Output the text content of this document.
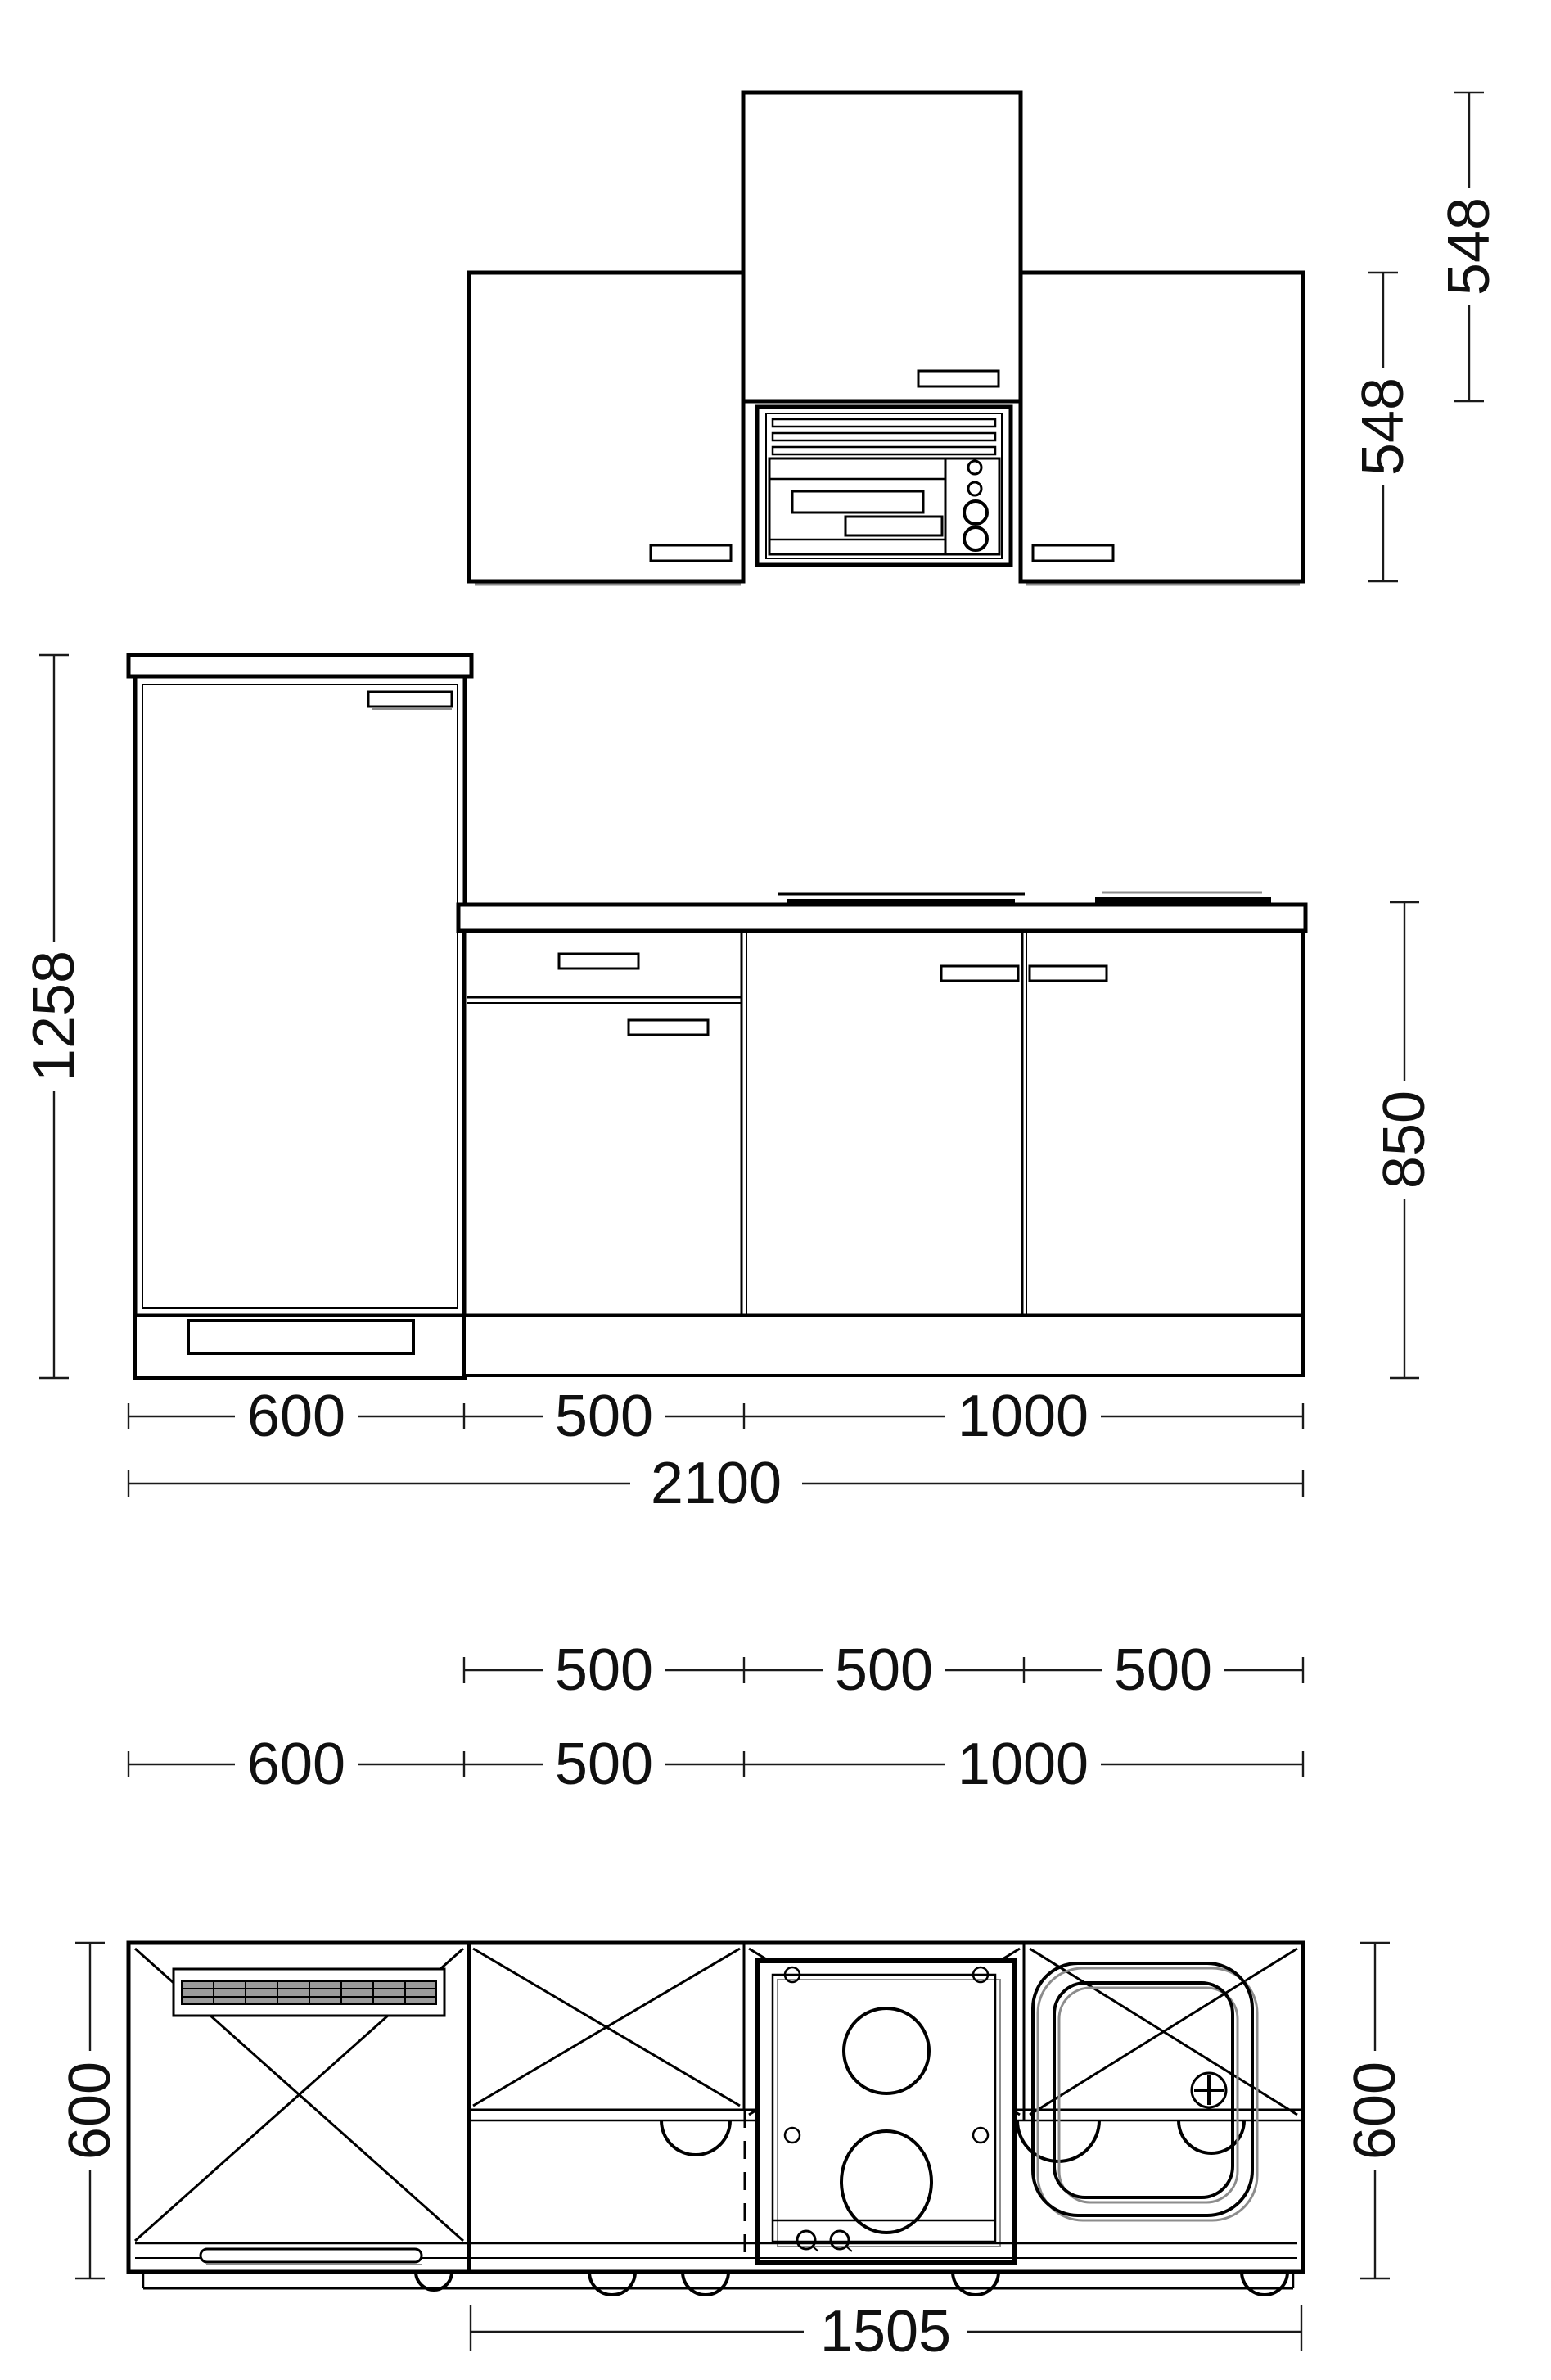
548
548
1258
850
600	500	1000
2100
500	500	500
600	500	1000
600	600
1505
